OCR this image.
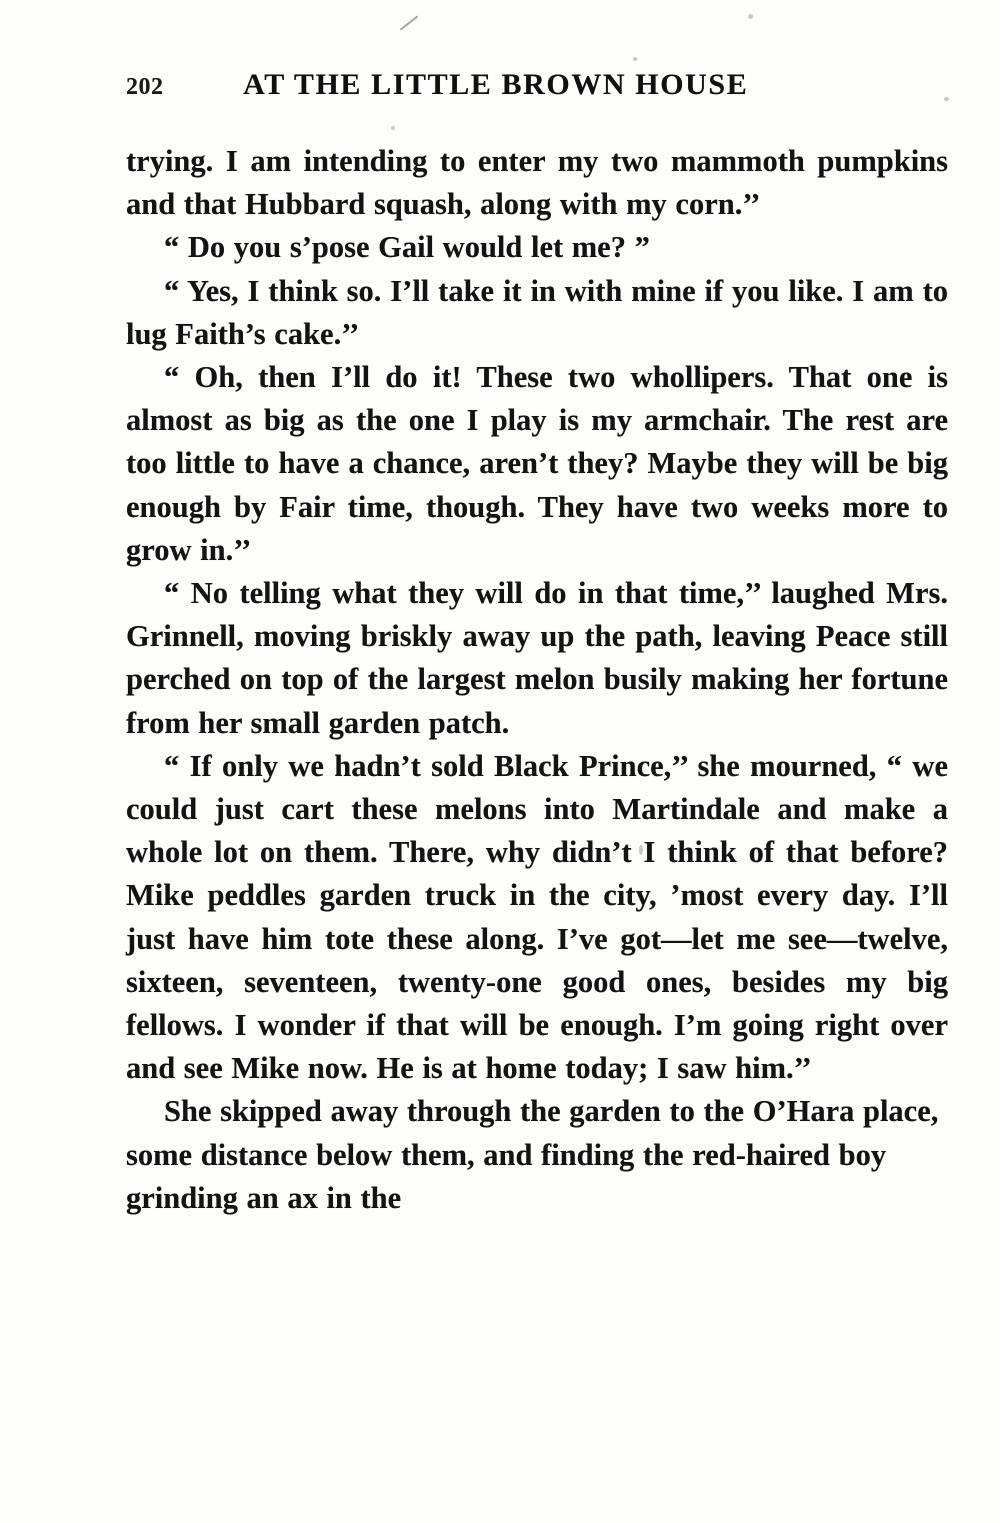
202	AT THE LITTLE BROWN HOUSE

trying. I am intending to enter my two mammoth pumpkins and that Hubbard squash, along with my corn.’’

“ Do you s’pose Gail would let me? ”

“ Yes, I think so. I’ll take it in with mine if you like. I am to lug Faith’s cake.’’

“ Oh, then I’ll do it! These two whollipers. That one is almost as big as the one I play is my armchair. The rest are too little to have a chance, aren’t they? Maybe they will be big enough by Fair time, though. They have two weeks more to grow in.’’

“ No telling what they will do in that time,’’ laughed Mrs. Grinnell, moving briskly away up the path, leaving Peace still perched on top of the largest melon busily making her fortune from her small garden patch.

“ If only we hadn’t sold Black Prince,’’ she mourned, “ we could just cart these melons into Martindale and make a whole lot on them. There, why didn’t I think of that before? Mike peddles garden truck in the city, ’most every day. I’ll just have him tote these along. I’ve got—let me see—twelve, sixteen, seventeen, twenty-one good ones, besides my big fellows. I wonder if that will be enough. I’m going right over and see Mike now. He is at home today; I saw him.’’

She skipped away through the garden to the O’Hara place, some distance below them, and finding the red-haired boy grinding an ax in the
